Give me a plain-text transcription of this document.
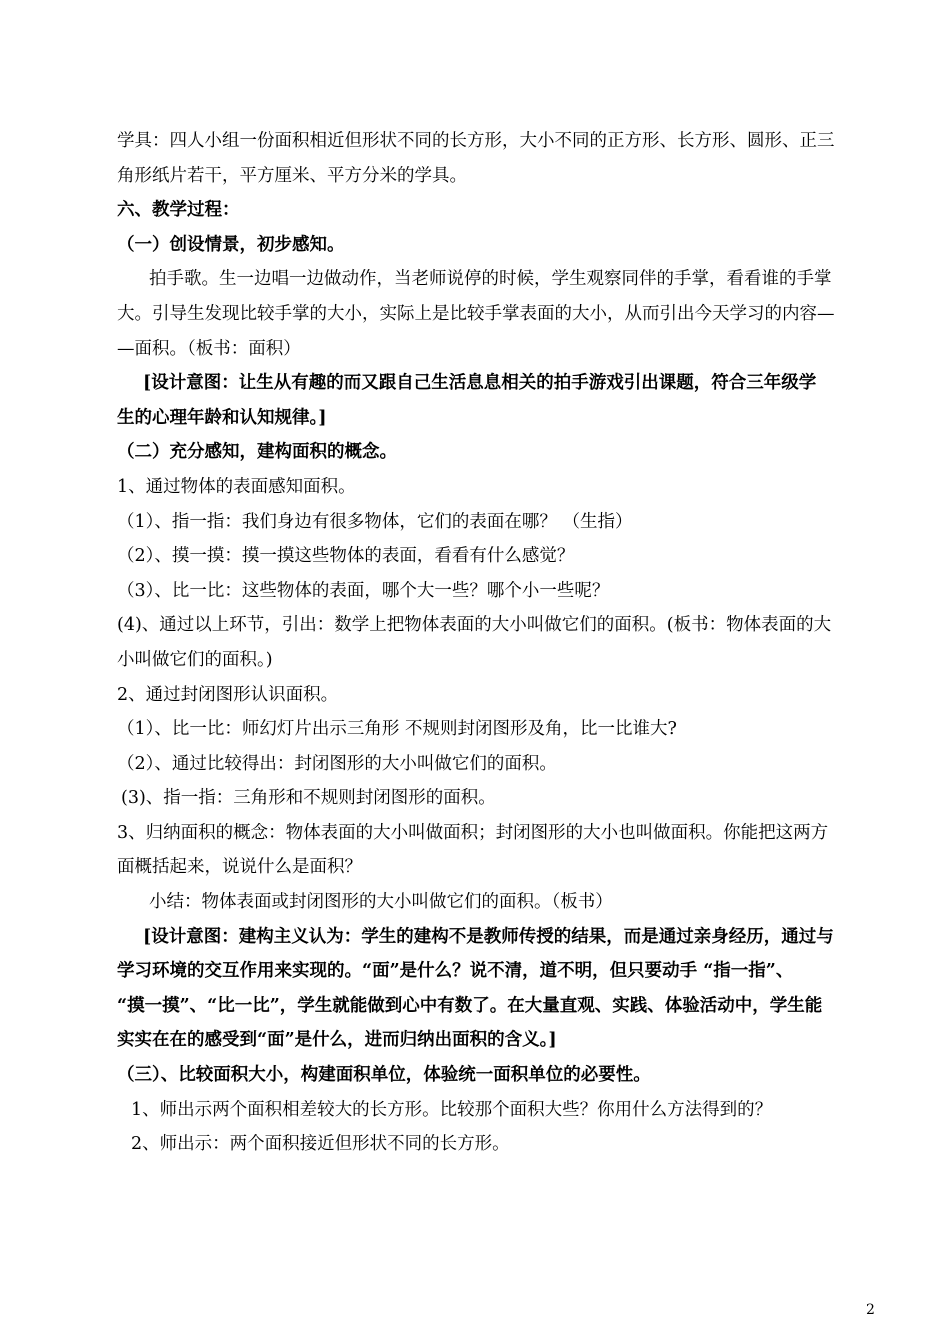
学具：四人小组一份面积相近但形状不同的长方形，大小不同的正方形、长方形、圆形、正三
角形纸片若干，平方厘米、平方分米的学具。
六、教学过程：
（一）创设情景，初步感知。
拍手歌。生一边唱一边做动作，当老师说停的时候，学生观察同伴的手掌，看看谁的手掌
大。引导生发现比较手掌的大小，实际上是比较手掌表面的大小，从而引出今天学习的内容—
—面积。（板书：面积）
[设计意图：让生从有趣的而又跟自己生活息息相关的拍手游戏引出课题，符合三年级学
生的心理年龄和认知规律。]
（二）充分感知，建构面积的概念。
1、通过物体的表面感知面积。
（1）、指一指：我们身边有很多物体，它们的表面在哪？ （生指）
（2）、摸一摸：摸一摸这些物体的表面，看看有什么感觉？
（3）、比一比：这些物体的表面，哪个大一些？哪个小一些呢？
(4)、通过以上环节，引出：数学上把物体表面的大小叫做它们的面积。(板书：物体表面的大
小叫做它们的面积。)
2、通过封闭图形认识面积。
（1）、比一比：师幻灯片出示三角形 不规则封闭图形及角，比一比谁大?
（2）、通过比较得出：封闭图形的大小叫做它们的面积。
(3)、指一指：三角形和不规则封闭图形的面积。
3、归纳面积的概念：物体表面的大小叫做面积；封闭图形的大小也叫做面积。你能把这两方
面概括起来，说说什么是面积？
小结：物体表面或封闭图形的大小叫做它们的面积。（板书）
[设计意图：建构主义认为：学生的建构不是教师传授的结果，而是通过亲身经历，通过与
学习环境的交互作用来实现的。“面”是什么？说不清，道不明，但只要动手 “指一指”、
“摸一摸”、“比一比”，学生就能做到心中有数了。在大量直观、实践、体验活动中，学生能
实实在在的感受到“面”是什么，进而归纳出面积的含义。]
（三）、比较面积大小，构建面积单位，体验统一面积单位的必要性。
1、师出示两个面积相差较大的长方形。比较那个面积大些？你用什么方法得到的？
2、师出示：两个面积接近但形状不同的长方形。
2
